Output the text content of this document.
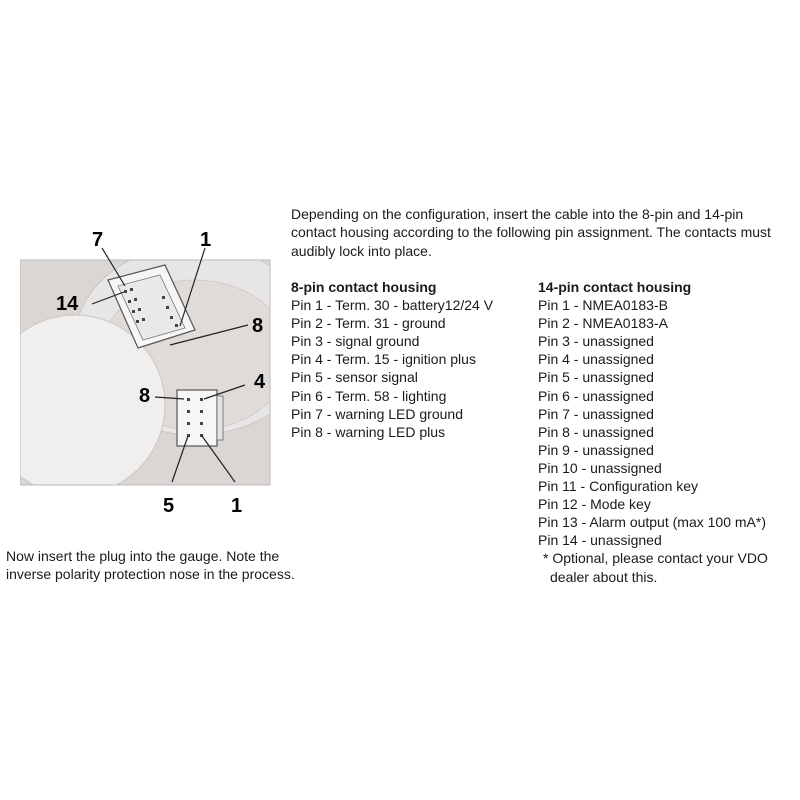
Depending on the configuration, insert the cable into the 8-pin and 14-pin contact housing according to the following pin assignment. The contacts must audibly lock into place.
7	1
14
8
8
4
5	1
8-pin contact housing
Pin 1 - Term. 30 - battery12/24 V
Pin 2 - Term. 31 - ground
Pin 3 - signal ground
Pin 4 - Term. 15 - ignition plus
Pin 5 - sensor signal
Pin 6 - Term. 58 - lighting
Pin 7 - warning LED ground
Pin 8 - warning LED plus
14-pin contact housing
Pin 1 - NMEA0183-B
Pin 2 - NMEA0183-A
Pin 3 - unassigned
Pin 4 - unassigned
Pin 5 - unassigned
Pin 6 - unassigned
Pin 7 - unassigned
Pin 8 - unassigned
Pin 9 - unassigned
Pin 10 - unassigned
Pin 11 - Configuration key
Pin 12 - Mode key
Pin 13 - Alarm output (max 100 mA*)
Pin 14 - unassigned
* Optional, please contact your VDO
dealer about this.
Now insert the plug into the gauge. Note the inverse polarity protection nose in the process.
